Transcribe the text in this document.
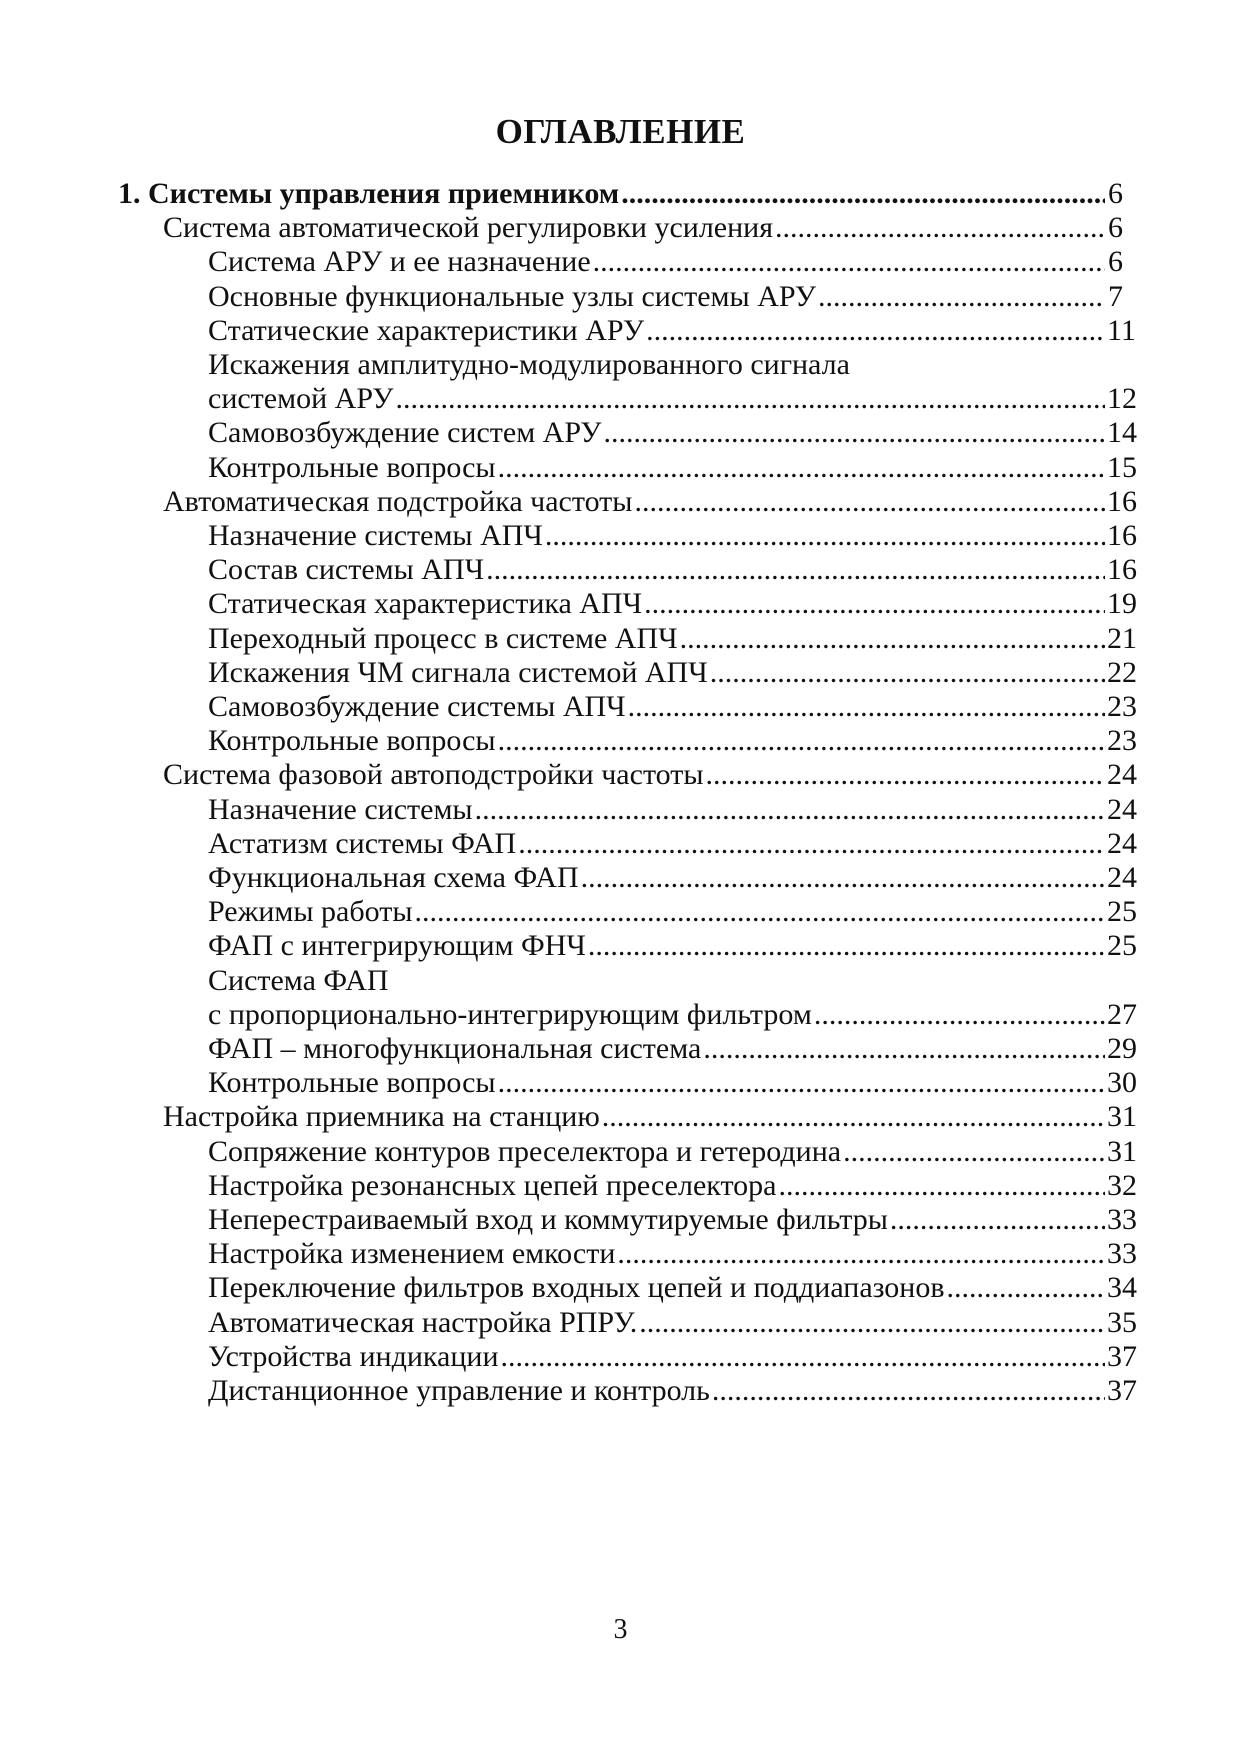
ОГЛАВЛЕНИЕ
1. Системы управления приемником .....	6
Система автоматической регулировки усиления .....	6
Система АРУ и ее назначение .....	6
Основные функциональные узлы системы АРУ .....	7
Статические характеристики АРУ .....	11
Искажения амплитудно-модулированного сигнала
системой АРУ .....	12
Самовозбуждение систем АРУ .....	14
Контрольные вопросы .....	15
Автоматическая подстройка частоты .....	16
Назначение системы АПЧ .....	16
Состав системы АПЧ .....	16
Статическая характеристика АПЧ .....	19
Переходный процесс в системе АПЧ .....	21
Искажения ЧМ сигнала системой АПЧ .....	22
Самовозбуждение системы АПЧ .....	23
Контрольные вопросы .....	23
Система фазовой автоподстройки частоты .....	24
Назначение системы .....	24
Астатизм системы ФАП .....	24
Функциональная схема ФАП .....	24
Режимы работы .....	25
ФАП с интегрирующим ФНЧ .....	25
Система ФАП
с пропорционально-интегрирующим фильтром .....	27
ФАП – многофункциональная система .....	29
Контрольные вопросы .....	30
Настройка приемника на станцию .....	31
Сопряжение контуров преселектора и гетеродина .....	31
Настройка резонансных цепей преселектора .....	32
Неперестраиваемый вход и коммутируемые фильтры .....	33
Настройка изменением емкости .....	33
Переключение фильтров входных цепей и поддиапазонов .....	34
Автоматическая настройка РПРУ. .....	35
Устройства индикации .....	37
Дистанционное управление и контроль .....	37
3
